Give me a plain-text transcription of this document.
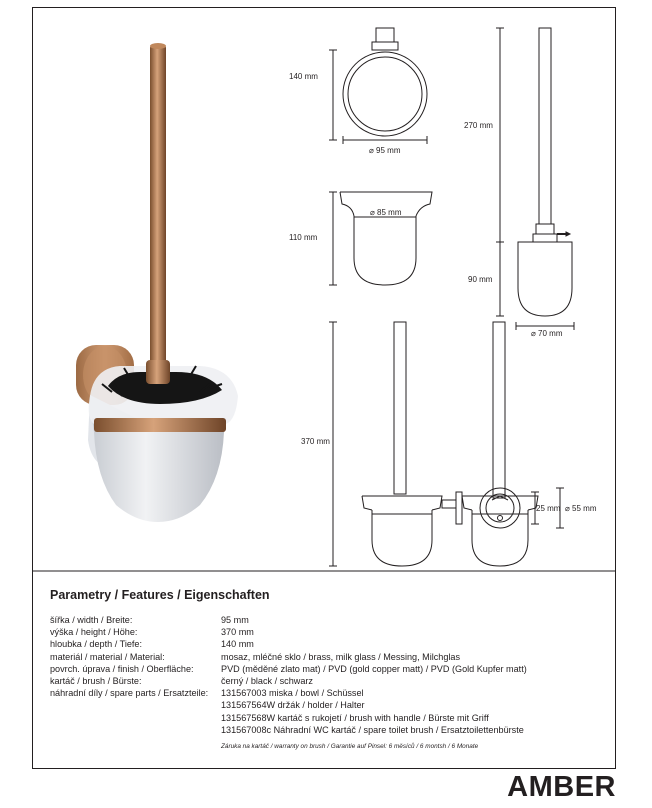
140 mm
⌀ 95 mm
110 mm
⌀ 85 mm
270 mm
90 mm
⌀ 70 mm
370 mm
25 mm ⌀ 55 mm
Parametry / Features / Eigenschaften
šířka / width / Breite:	95 mm
výška / height / Höhe:	370 mm
hloubka / depth / Tiefe:	140 mm
materiál / material / Material:	mosaz, mléčné sklo / brass, milk glass / Messing, Milchglas
povrch. úprava / finish / Oberfläche:	PVD (měděné zlato mat) / PVD (gold copper matt) / PVD (Gold Kupfer matt)
kartáč / brush / Bürste:	černý / black / schwarz
náhradní díly / spare parts / Ersatzteile: 131567003 miska / bowl / Schüssel
131567564W držák / holder / Halter
131567568W kartáč s rukojetí / brush with handle / Bürste mit Griff
131567008c Náhradní WC kartáč / spare toilet brush / Ersatztoilettenbürste
Záruka na kartáč / warranty on brush / Garantie auf Pinsel: 6 měsíců / 6 montsh / 6 Monate
AMBER
